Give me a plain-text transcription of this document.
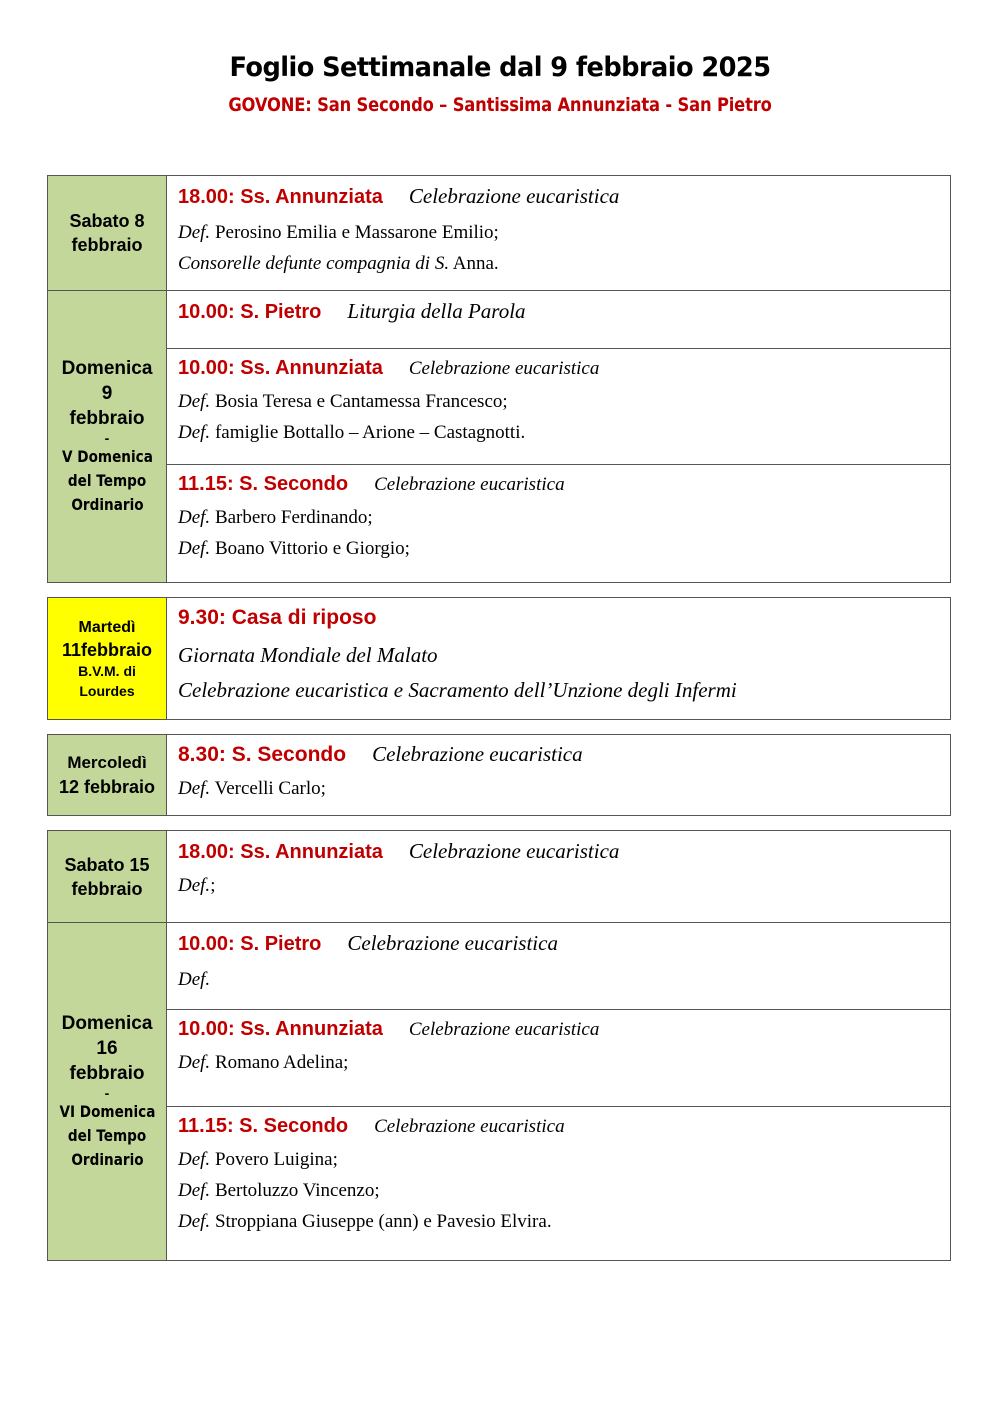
Foglio Settimanale dal 9 febbraio 2025
GOVONE: San Secondo – Santissima Annunziata - San Pietro
Sabato 8
febbraio
18.00: Ss. Annunziata Celebrazione eucaristica
Def. Perosino Emilia e Massarone Emilio;
Consorelle defunte compagnia di S. Anna.
Domenica
9
febbraio
-
V Domenica
del Tempo
Ordinario
10.00: S. Pietro Liturgia della Parola
10.00: Ss. Annunziata Celebrazione eucaristica
Def. Bosia Teresa e Cantamessa Francesco;
Def. famiglie Bottallo – Arione – Castagnotti.
11.15: S. Secondo Celebrazione eucaristica
Def. Barbero Ferdinando;
Def. Boano Vittorio e Giorgio;
Martedì
11febbraio
B.V.M. di
Lourdes
9.30: Casa di riposo
Giornata Mondiale del Malato
Celebrazione eucaristica e Sacramento dell’Unzione degli Infermi
Mercoledì
12 febbraio
8.30: S. Secondo Celebrazione eucaristica
Def. Vercelli Carlo;
Sabato 15
febbraio
18.00: Ss. Annunziata Celebrazione eucaristica
Def.;
Domenica
16
febbraio
-
VI Domenica
del Tempo
Ordinario
10.00: S. Pietro Celebrazione eucaristica
Def.
10.00: Ss. Annunziata Celebrazione eucaristica
Def. Romano Adelina;
11.15: S. Secondo Celebrazione eucaristica
Def. Povero Luigina;
Def. Bertoluzzo Vincenzo;
Def. Stroppiana Giuseppe (ann) e Pavesio Elvira.
